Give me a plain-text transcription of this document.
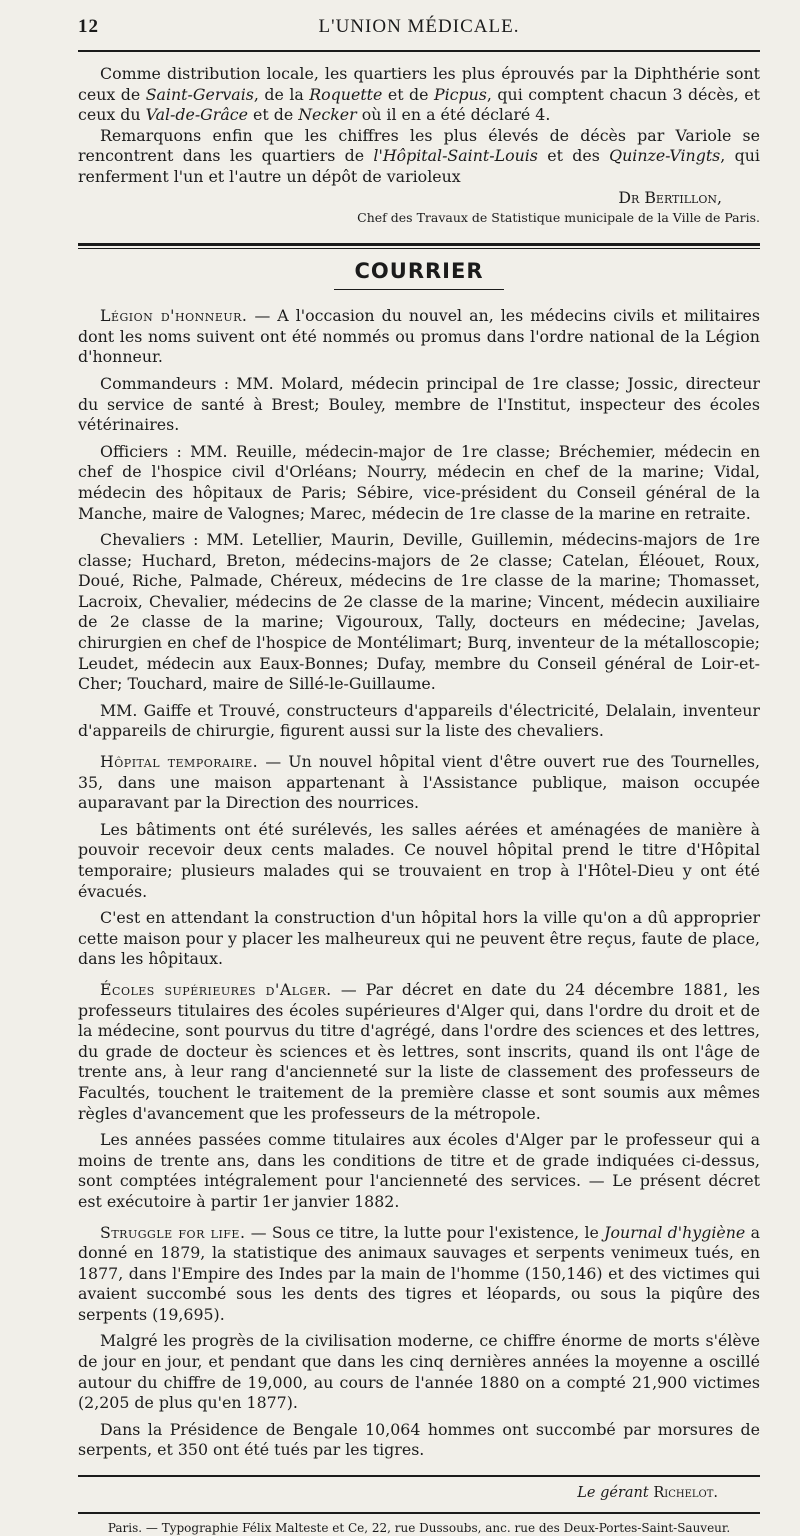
12	L'UNION MÉDICALE.

Comme distribution locale, les quartiers les plus éprouvés par la Diphthérie sont ceux de Saint-Gervais, de la Roquette et de Picpus, qui comptent chacun 3 décès, et ceux du Val-de-Grâce et de Necker où il en a été déclaré 4.

Remarquons enfin que les chiffres les plus élevés de décès par Variole se rencontrent dans les quartiers de l'Hôpital-Saint-Louis et des Quinze-Vingts, qui renferment l'un et l'autre un dépôt de varioleux

Dr Bertillon,

Chef des Travaux de Statistique municipale de la Ville de Paris.

COURRIER

Légion d'honneur. — A l'occasion du nouvel an, les médecins civils et militaires dont les noms suivent ont été nommés ou promus dans l'ordre national de la Légion d'honneur.

Commandeurs : MM. Molard, médecin principal de 1re classe; Jossic, directeur du service de santé à Brest; Bouley, membre de l'Institut, inspecteur des écoles vétérinaires.

Officiers : MM. Reuille, médecin-major de 1re classe; Bréchemier, médecin en chef de l'hospice civil d'Orléans; Nourry, médecin en chef de la marine; Vidal, médecin des hôpitaux de Paris; Sébire, vice-président du Conseil général de la Manche, maire de Valognes; Marec, médecin de 1re classe de la marine en retraite.

Chevaliers : MM. Letellier, Maurin, Deville, Guillemin, médecins-majors de 1re classe; Huchard, Breton, médecins-majors de 2e classe; Catelan, Éléouet, Roux, Doué, Riche, Palmade, Chéreux, médecins de 1re classe de la marine; Thomasset, Lacroix, Chevalier, médecins de 2e classe de la marine; Vincent, médecin auxiliaire de 2e classe de la marine; Vigouroux, Tally, docteurs en médecine; Javelas, chirurgien en chef de l'hospice de Montélimart; Burq, inventeur de la métalloscopie; Leudet, médecin aux Eaux-Bonnes; Dufay, membre du Conseil général de Loir-et-Cher; Touchard, maire de Sillé-le-Guillaume.

MM. Gaiffe et Trouvé, constructeurs d'appareils d'électricité, Delalain, inventeur d'appareils de chirurgie, figurent aussi sur la liste des chevaliers.

Hôpital temporaire. — Un nouvel hôpital vient d'être ouvert rue des Tournelles, 35, dans une maison appartenant à l'Assistance publique, maison occupée auparavant par la Direction des nourrices.

Les bâtiments ont été surélevés, les salles aérées et aménagées de manière à pouvoir recevoir deux cents malades. Ce nouvel hôpital prend le titre d'Hôpital temporaire; plusieurs malades qui se trouvaient en trop à l'Hôtel-Dieu y ont été évacués.

C'est en attendant la construction d'un hôpital hors la ville qu'on a dû approprier cette maison pour y placer les malheureux qui ne peuvent être reçus, faute de place, dans les hôpitaux.

Écoles supérieures d'Alger. — Par décret en date du 24 décembre 1881, les professeurs titulaires des écoles supérieures d'Alger qui, dans l'ordre du droit et de la médecine, sont pourvus du titre d'agrégé, dans l'ordre des sciences et des lettres, du grade de docteur ès sciences et ès lettres, sont inscrits, quand ils ont l'âge de trente ans, à leur rang d'ancienneté sur la liste de classement des professeurs de Facultés, touchent le traitement de la première classe et sont soumis aux mêmes règles d'avancement que les professeurs de la métropole.

Les années passées comme titulaires aux écoles d'Alger par le professeur qui a moins de trente ans, dans les conditions de titre et de grade indiquées ci-dessus, sont comptées intégralement pour l'ancienneté des services. — Le présent décret est exécutoire à partir 1er janvier 1882.

Struggle for life. — Sous ce titre, la lutte pour l'existence, le Journal d'hygiène a donné en 1879, la statistique des animaux sauvages et serpents venimeux tués, en 1877, dans l'Empire des Indes par la main de l'homme (150,146) et des victimes qui avaient succombé sous les dents des tigres et léopards, ou sous la piqûre des serpents (19,695).

Malgré les progrès de la civilisation moderne, ce chiffre énorme de morts s'élève de jour en jour, et pendant que dans les cinq dernières années la moyenne a oscillé autour du chiffre de 19,000, au cours de l'année 1880 on a compté 21,900 victimes (2,205 de plus qu'en 1877).

Dans la Présidence de Bengale 10,064 hommes ont succombé par morsures de serpents, et 350 ont été tués par les tigres.

Le gérant Richelot.

Paris. — Typographie Félix Malteste et Ce, 22, rue Dussoubs, anc. rue des Deux-Portes-Saint-Sauveur.
